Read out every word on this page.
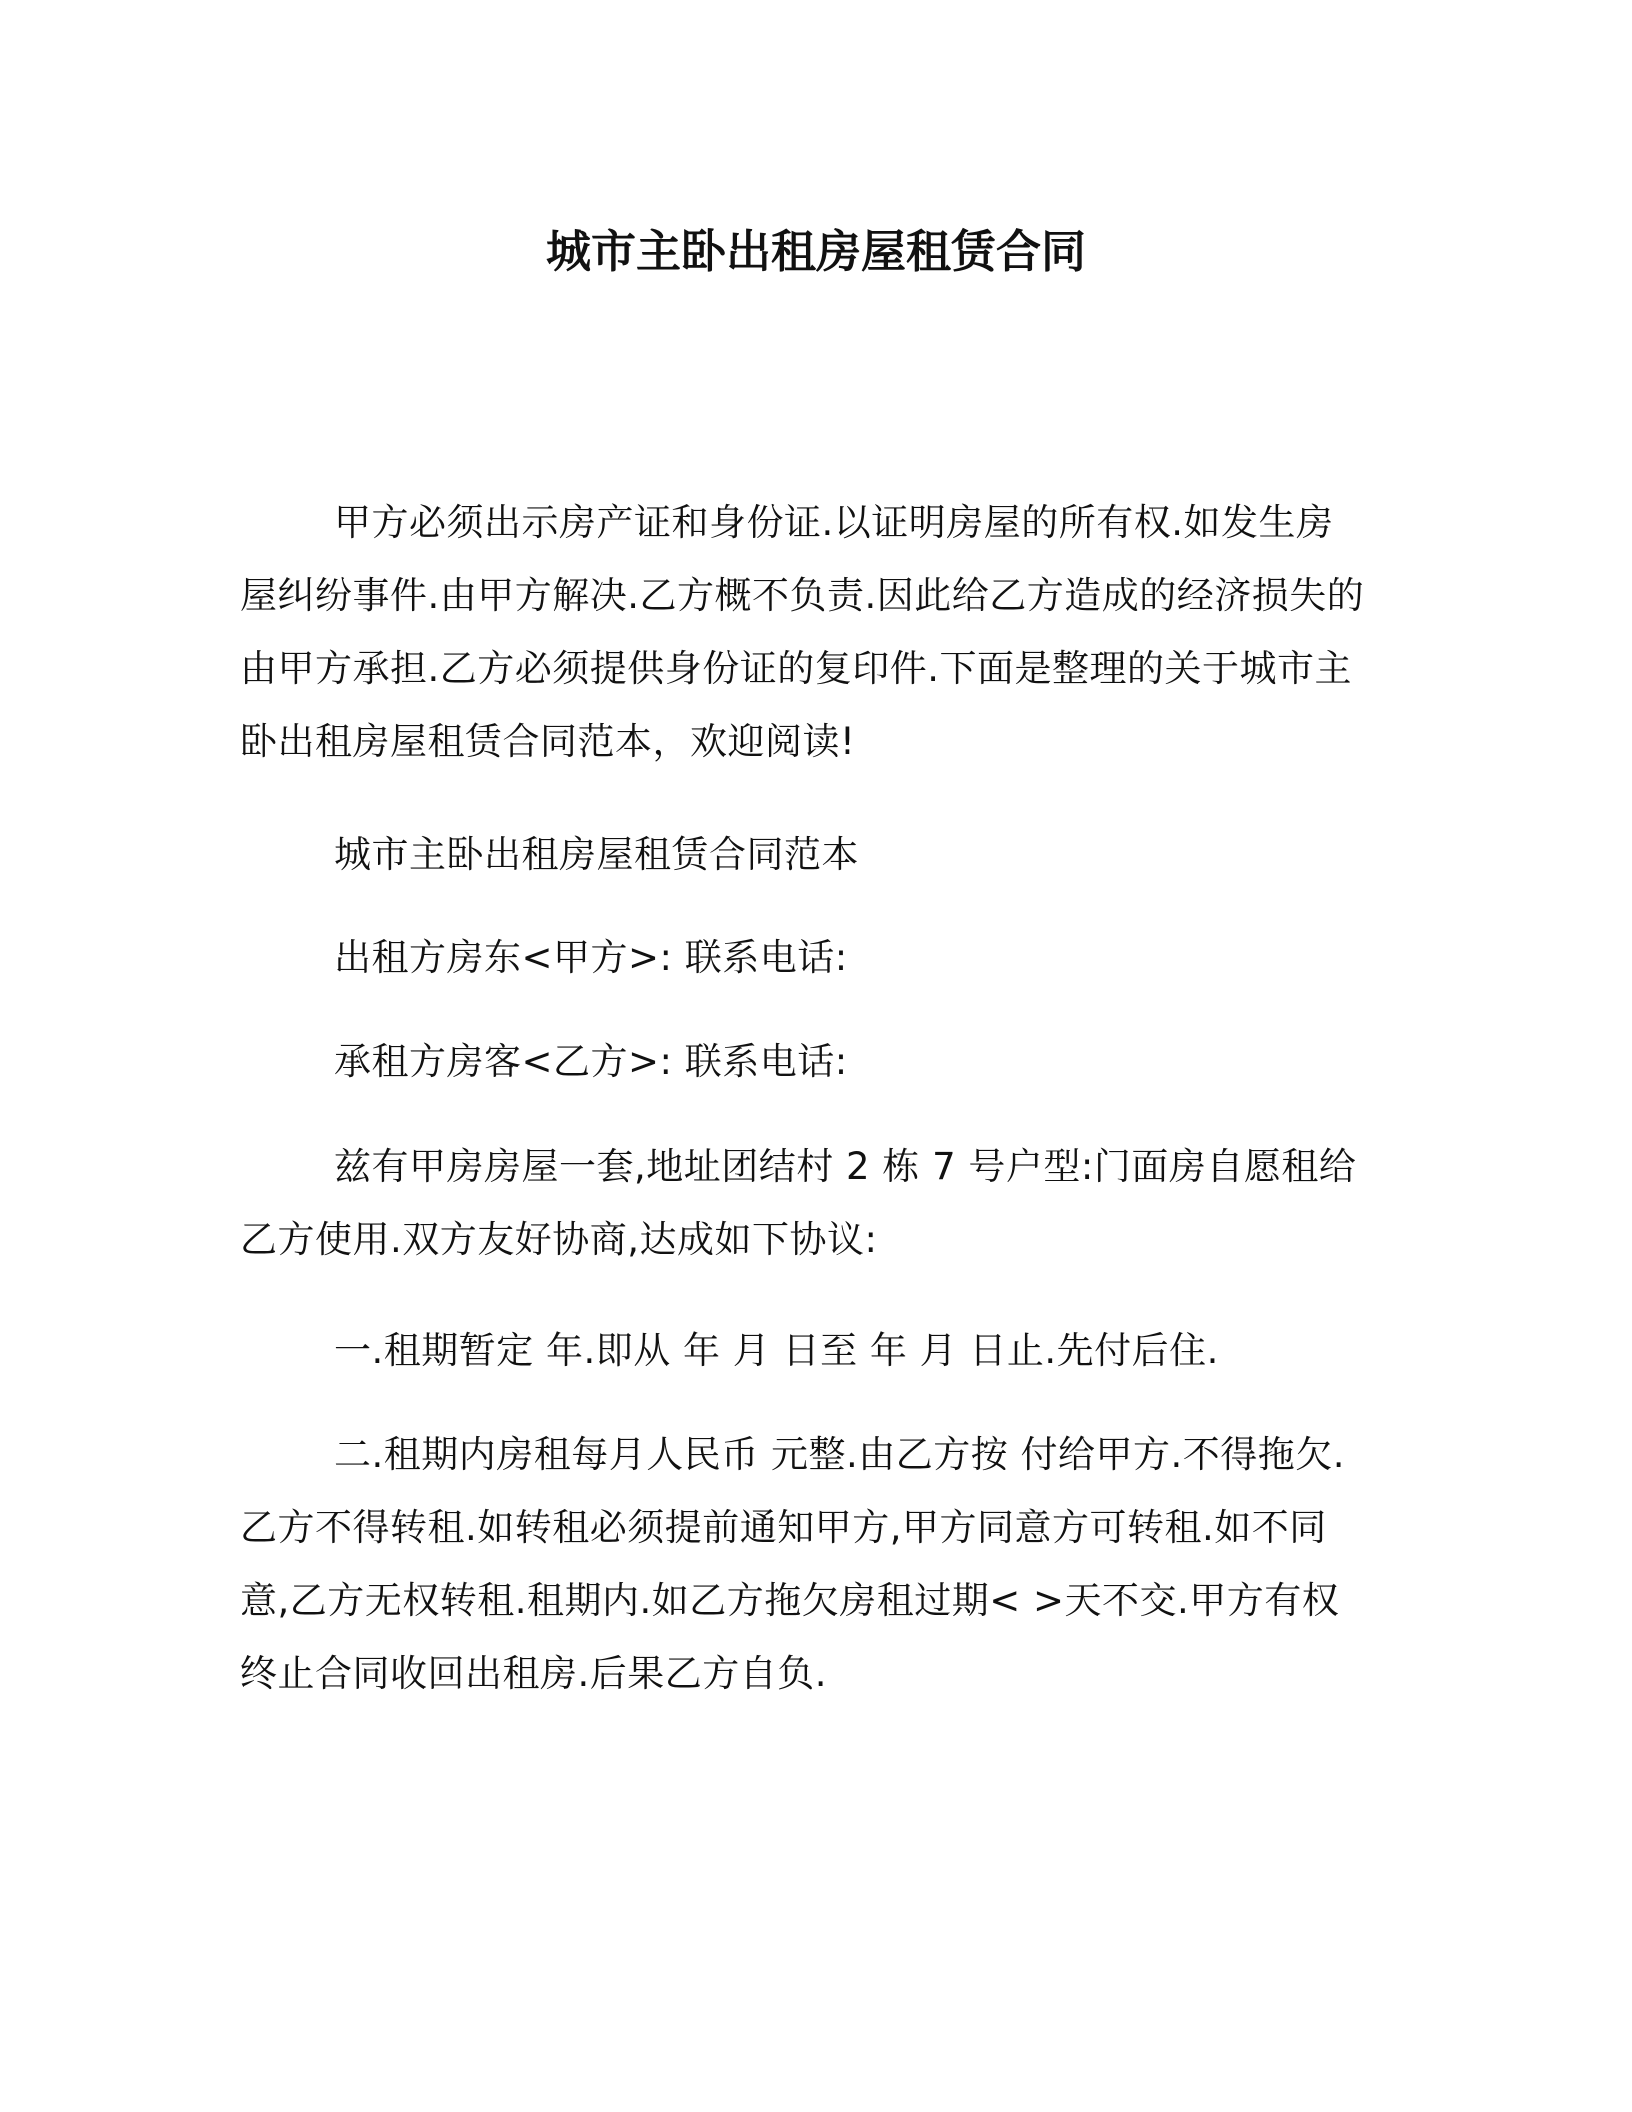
城市主卧出租房屋租赁合同

甲方必须出示房产证和身份证.以证明房屋的所有权.如发生房屋纠纷事件.由甲方解决.乙方概不负责.因此给乙方造成的经济损失的由甲方承担.乙方必须提供身份证的复印件.下面是整理的关于城市主卧出租房屋租赁合同范本，欢迎阅读!

城市主卧出租房屋租赁合同范本

出租方房东<甲方>: 联系电话:

承租方房客<乙方>: 联系电话:

兹有甲房房屋一套,地址团结村 2 栋 7 号户型:门面房自愿租给乙方使用.双方友好协商,达成如下协议:

一.租期暂定 年.即从 年 月 日至 年 月 日止.先付后住.

二.租期内房租每月人民币 元整.由乙方按 付给甲方.不得拖欠.乙方不得转租.如转租必须提前通知甲方,甲方同意方可转租.如不同意,乙方无权转租.租期内.如乙方拖欠房租过期< >天不交.甲方有权终止合同收回出租房.后果乙方自负.
